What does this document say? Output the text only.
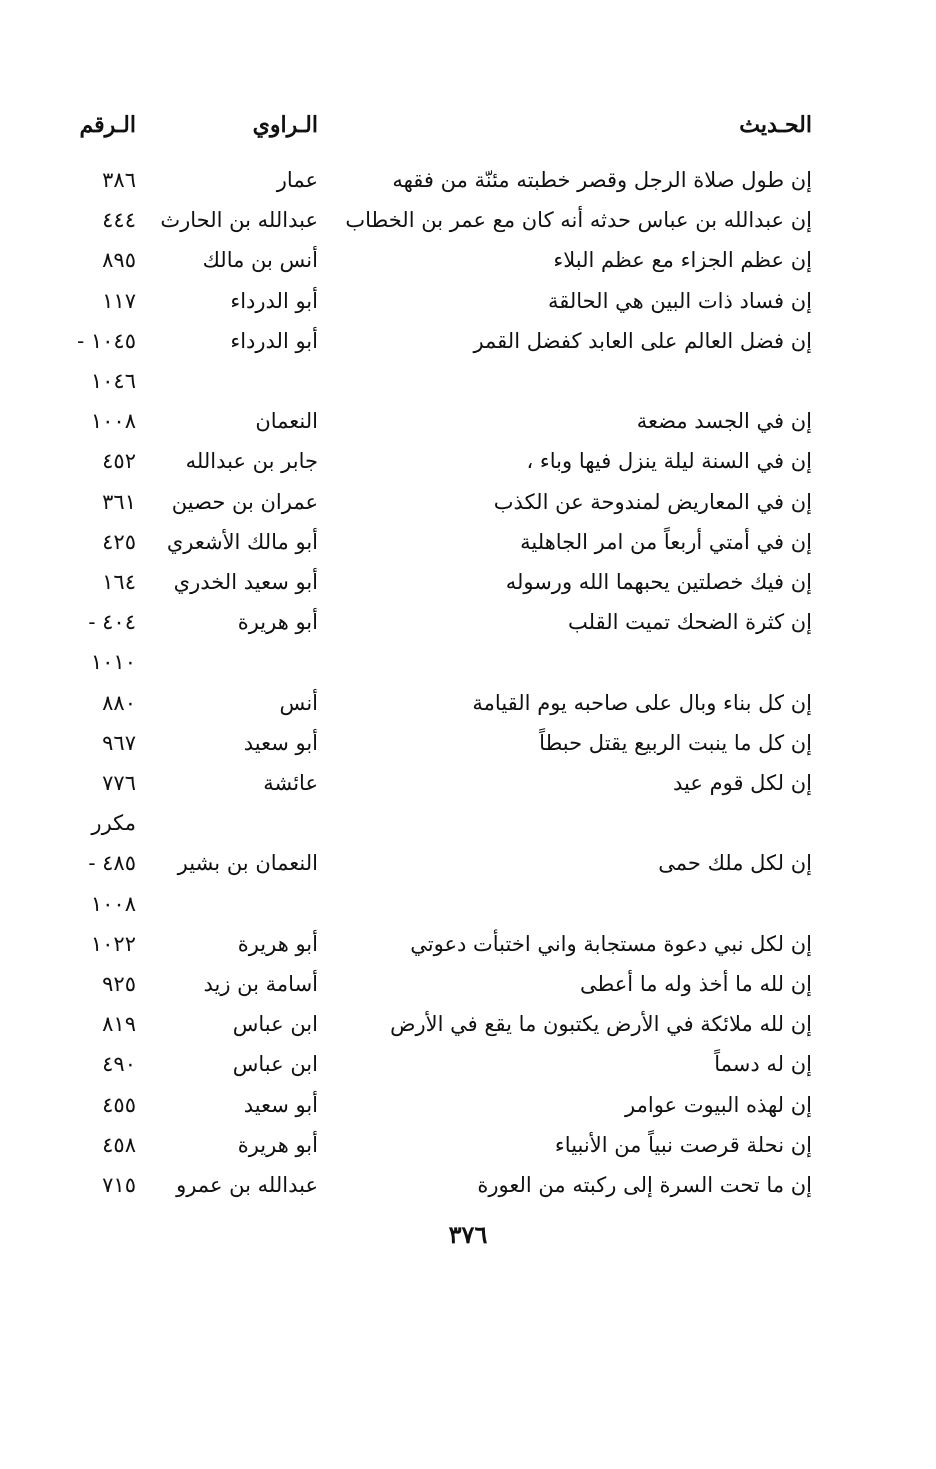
الحـديث
الـراوي
الـرقم
إن طول صلاة الرجل وقصر خطبته مئنّة من فقهه
عمار
٣٨٦
إن عبدالله بن عباس حدثه أنه كان مع عمر بن الخطاب
عبدالله بن الحارث
٤٤٤
إن عظم الجزاء مع عظم البلاء
أنس بن مالك
٨٩٥
إن فساد ذات البين هي الحالقة
أبو الدرداء
١١٧
إن فضل العالم على العابد كفضل القمر
أبو الدرداء
١٠٤٥ -
١٠٤٦
إن في الجسد مضعة
النعمان
١٠٠٨
إن في السنة ليلة ينزل فيها وباء ،
جابر بن عبدالله
٤٥٢
إن في المعاريض لمندوحة عن الكذب
عمران بن حصين
٣٦١
إن في أمتي أربعاً من امر الجاهلية
أبو مالك الأشعري
٤٢٥
إن فيك خصلتين يحبهما الله ورسوله
أبو سعيد الخدري
١٦٤
إن كثرة الضحك تميت القلب
أبو هريرة
٤٠٤ -
١٠١٠
إن كل بناء وبال على صاحبه يوم القيامة
أنس
٨٨٠
إن كل ما ينبت الربيع يقتل حبطاً
أبو سعيد
٩٦٧
إن لكل قوم عيد
عائشة
٧٧٦
مكرر
إن لكل ملك حمى
النعمان بن بشير
٤٨٥ -
١٠٠٨
إن لكل نبي دعوة مستجابة واني اختبأت دعوتي
أبو هريرة
١٠٢٢
إن لله ما أخذ وله ما أعطى
أسامة بن زيد
٩٢٥
إن لله ملائكة في الأرض يكتبون ما يقع في الأرض
ابن عباس
٨١٩
إن له دسماً
ابن عباس
٤٩٠
إن لهذه البيوت عوامر
أبو سعيد
٤٥٥
إن نحلة قرصت نبياً من الأنبياء
أبو هريرة
٤٥٨
إن ما تحت السرة إلى ركبته من العورة
عبدالله بن عمرو
٧١٥
٣٧٦
